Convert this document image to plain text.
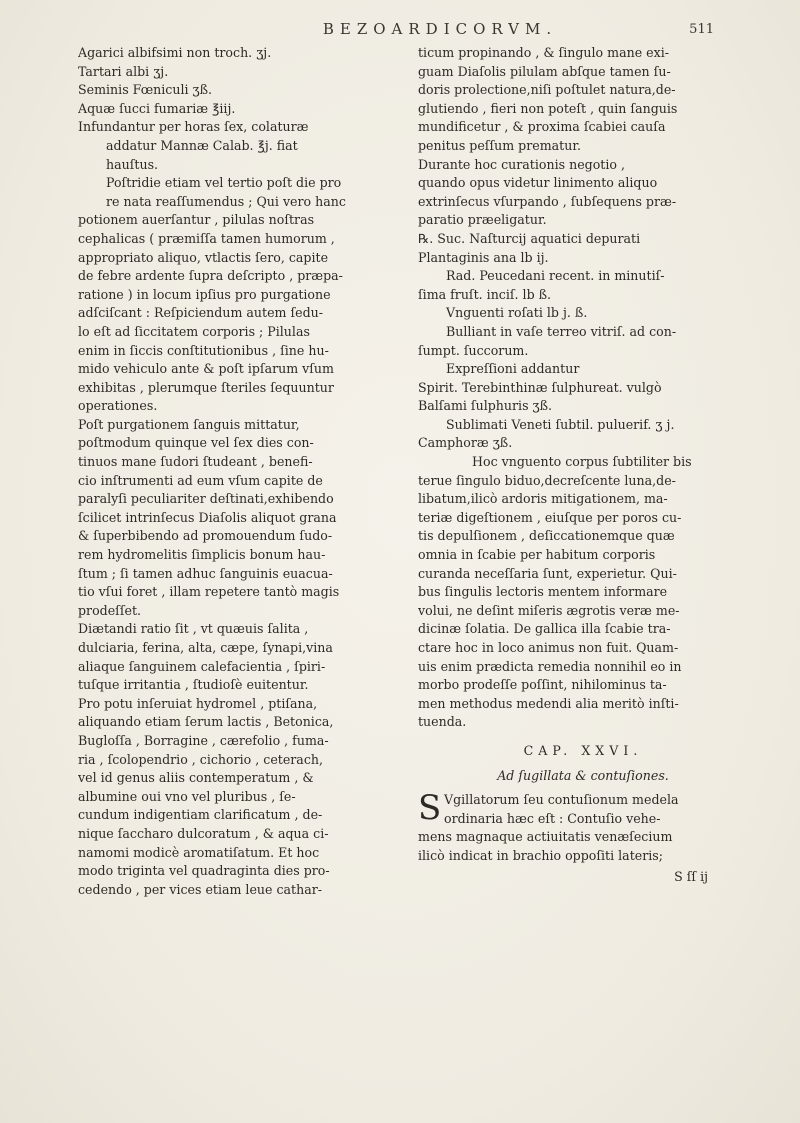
BEZOARDICORVM.	511
Agarici albifsimi non troch. ʒj.
Tartari albi ʒj.
Seminis Fœniculi ʒß.
Aquæ ſucci fumariæ ℥iij.
Infundantur per horas ſex, colaturæ
addatur Mannæ Calab. ℥j. fiat
hauſtus.
Poſtridie etiam vel tertio poſt die pro
re nata reaſſumendus ; Qui vero hanc
potionem auerſantur , pilulas noſtras
cephalicas ( præmiſſa tamen humorum ,
appropriato aliquo, vtlactis ſero, capite
de febre ardente ſupra deſcripto , præpa-
ratione ) in locum ipſius pro purgatione
adſciſcant : Reſpiciendum autem ſedu-
lo eſt ad ſiccitatem corporis ; Pilulas
enim in ſiccis conſtitutionibus , ſine hu-
mido vehiculo ante & poſt ipſarum vſum
exhibitas , plerumque ſteriles ſequuntur
operationes.
Poſt purgationem ſanguis mittatur,
poſtmodum quinque vel ſex dies con-
tinuos mane ſudori ſtudeant , benefi-
cio inſtrumenti ad eum vſum capite de
paralyſi peculiariter deſtinati,exhibendo
ſcilicet intrinſecus Diaſolis aliquot grana
& ſuperbibendo ad promouendum ſudo-
rem hydromelitis ſimplicis bonum hau-
ſtum ; ſi tamen adhuc ſanguinis euacua-
tio vſui foret , illam repetere tantò magis
prodeſſet.
Diætandi ratio ſit , vt quæuis ſalita ,
dulciaria, ferina, alta, cæpe, ſynapi,vina
aliaque ſanguinem calefacientia , ſpiri-
tuſque irritantia , ſtudioſè euitentur.
Pro potu inſeruiat hydromel , ptiſana,
aliquando etiam ſerum lactis , Betonica,
Bugloſſa , Borragine , cærefolio , fuma-
ria , ſcolopendrio , cichorio , ceterach,
vel id genus aliis contemperatum , &
albumine oui vno vel pluribus , ſe-
cundum indigentiam clarificatum , de-
nique ſaccharo dulcoratum , & aqua ci-
namomi modicè aromatiſatum. Et hoc
modo triginta vel quadraginta dies pro-
cedendo , per vices etiam leue cathar-
ticum propinando , & ſingulo mane exi-
guam Diaſolis pilulam abſque tamen ſu-
doris prolectione,niſi poſtulet natura,de-
glutiendo , fieri non poteſt , quin ſanguis
mundificetur , & proxima ſcabiei cauſa
penitus peſſum prematur.
Durante hoc curationis negotio ,
quando opus videtur linimento aliquo
extrinſecus vſurpando , ſubſequens præ-
paratio præeligatur.
℞. Suc. Naſturcij aquatici depurati
Plantaginis ana lb ij.
Rad. Peucedani recent. in minutiſ-
ſima fruſt. inciſ. lb ß.
Vnguenti roſati lb j. ß.
Bulliant in vaſe terreo vitriſ. ad con-
ſumpt. ſuccorum.
Expreſſioni addantur
Spirit. Terebinthinæ ſulphureat. vulgò
Balſami ſulphuris ʒß.
Sublimati Veneti ſubtil. puluerif. ʒ j.
Camphoræ ʒß.
Hoc vnguento corpus ſubtiliter bis
terue ſingulo biduo,decreſcente luna,de-
libatum,ilicò ardoris mitigationem, ma-
teriæ digeſtionem , eiuſque per poros cu-
tis depulſionem , deſiccationemque quæ
omnia in ſcabie per habitum corporis
curanda neceſſaria ſunt, experietur. Qui-
bus ſingulis lectoris mentem informare
volui, ne deſint miſeris ægrotis veræ me-
dicinæ ſolatia. De gallica illa ſcabie tra-
ctare hoc in loco animus non fuit. Quam-
uis enim prædicta remedia nonnihil eo in
morbo prodeſſe poſſint, nihilominus ta-
men methodus medendi alia meritò inſti-
tuenda.
CAP. XXVI.
Ad ſugillata & contuſiones.
S Vgillatorum ſeu contuſionum medela
ordinaria hæc eſt : Contuſio vehe-
mens magnaque actiuitatis venæſecium
ilicò indicat in brachio oppoſiti lateris;
S ſſ ij
